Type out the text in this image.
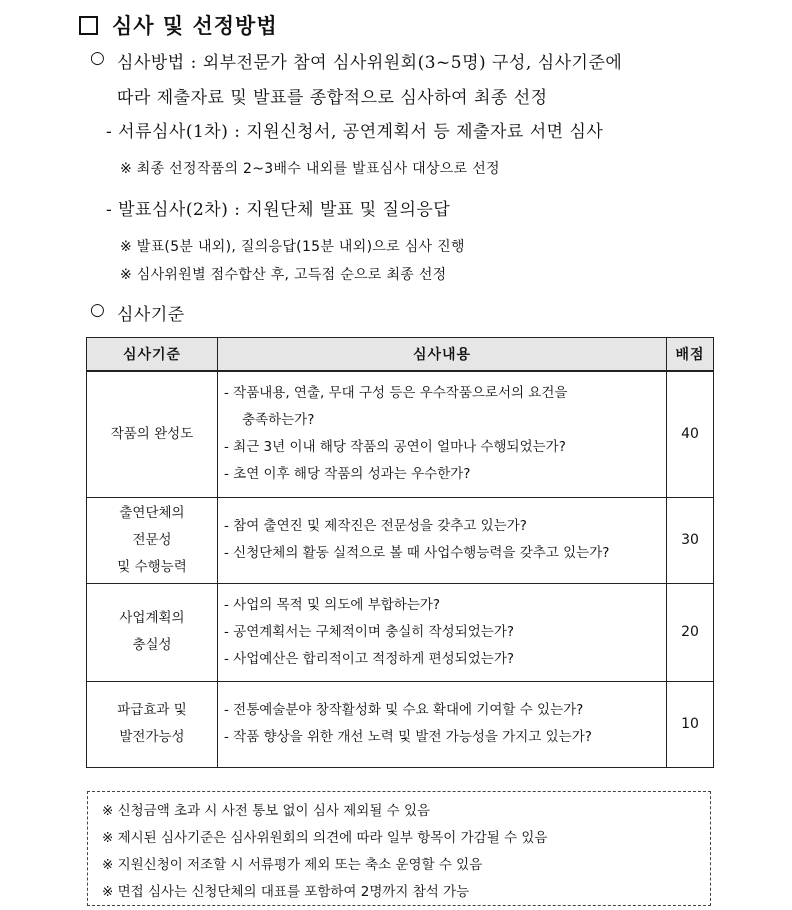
심사 및 선정방법
○ 심사방법 : 외부전문가 참여 심사위원회(3~5명) 구성, 심사기준에
따라 제출자료 및 발표를 종합적으로 심사하여 최종 선정
- 서류심사(1차) : 지원신청서, 공연계획서 등 제출자료 서면 심사
※ 최종 선정작품의 2~3배수 내외를 발표심사 대상으로 선정
- 발표심사(2차) : 지원단체 발표 및 질의응답
※ 발표(5분 내외), 질의응답(15분 내외)으로 심사 진행
※ 심사위원별 점수합산 후, 고득점 순으로 최종 선정
○ 심사기준
심사기준	심사내용	배점

작품의 완성도	- 작품내용, 연출, 무대 구성 등은 우수작품으로서의 요건을
충족하는가?
- 최근 3년 이내 해당 작품의 공연이 얼마나 수행되었는가?
- 초연 이후 해당 작품의 성과는 우수한가?	40

출연단체의
전문성
및 수행능력	- 참여 출연진 및 제작진은 전문성을 갖추고 있는가?
- 신청단체의 활동 실적으로 볼 때 사업수행능력을 갖추고 있는가?	30

사업계획의
충실성	- 사업의 목적 및 의도에 부합하는가?
- 공연계획서는 구체적이며 충실히 작성되었는가?
- 사업예산은 합리적이고 적정하게 편성되었는가?	20

파급효과 및
발전가능성	- 전통예술분야 창작활성화 및 수요 확대에 기여할 수 있는가?
- 작품 향상을 위한 개선 노력 및 발전 가능성을 가지고 있는가?	10
※ 신청금액 초과 시 사전 통보 없이 심사 제외될 수 있음
※ 제시된 심사기준은 심사위원회의 의견에 따라 일부 항목이 가감될 수 있음
※ 지원신청이 저조할 시 서류평가 제외 또는 축소 운영할 수 있음
※ 면접 심사는 신청단체의 대표를 포함하여 2명까지 참석 가능
